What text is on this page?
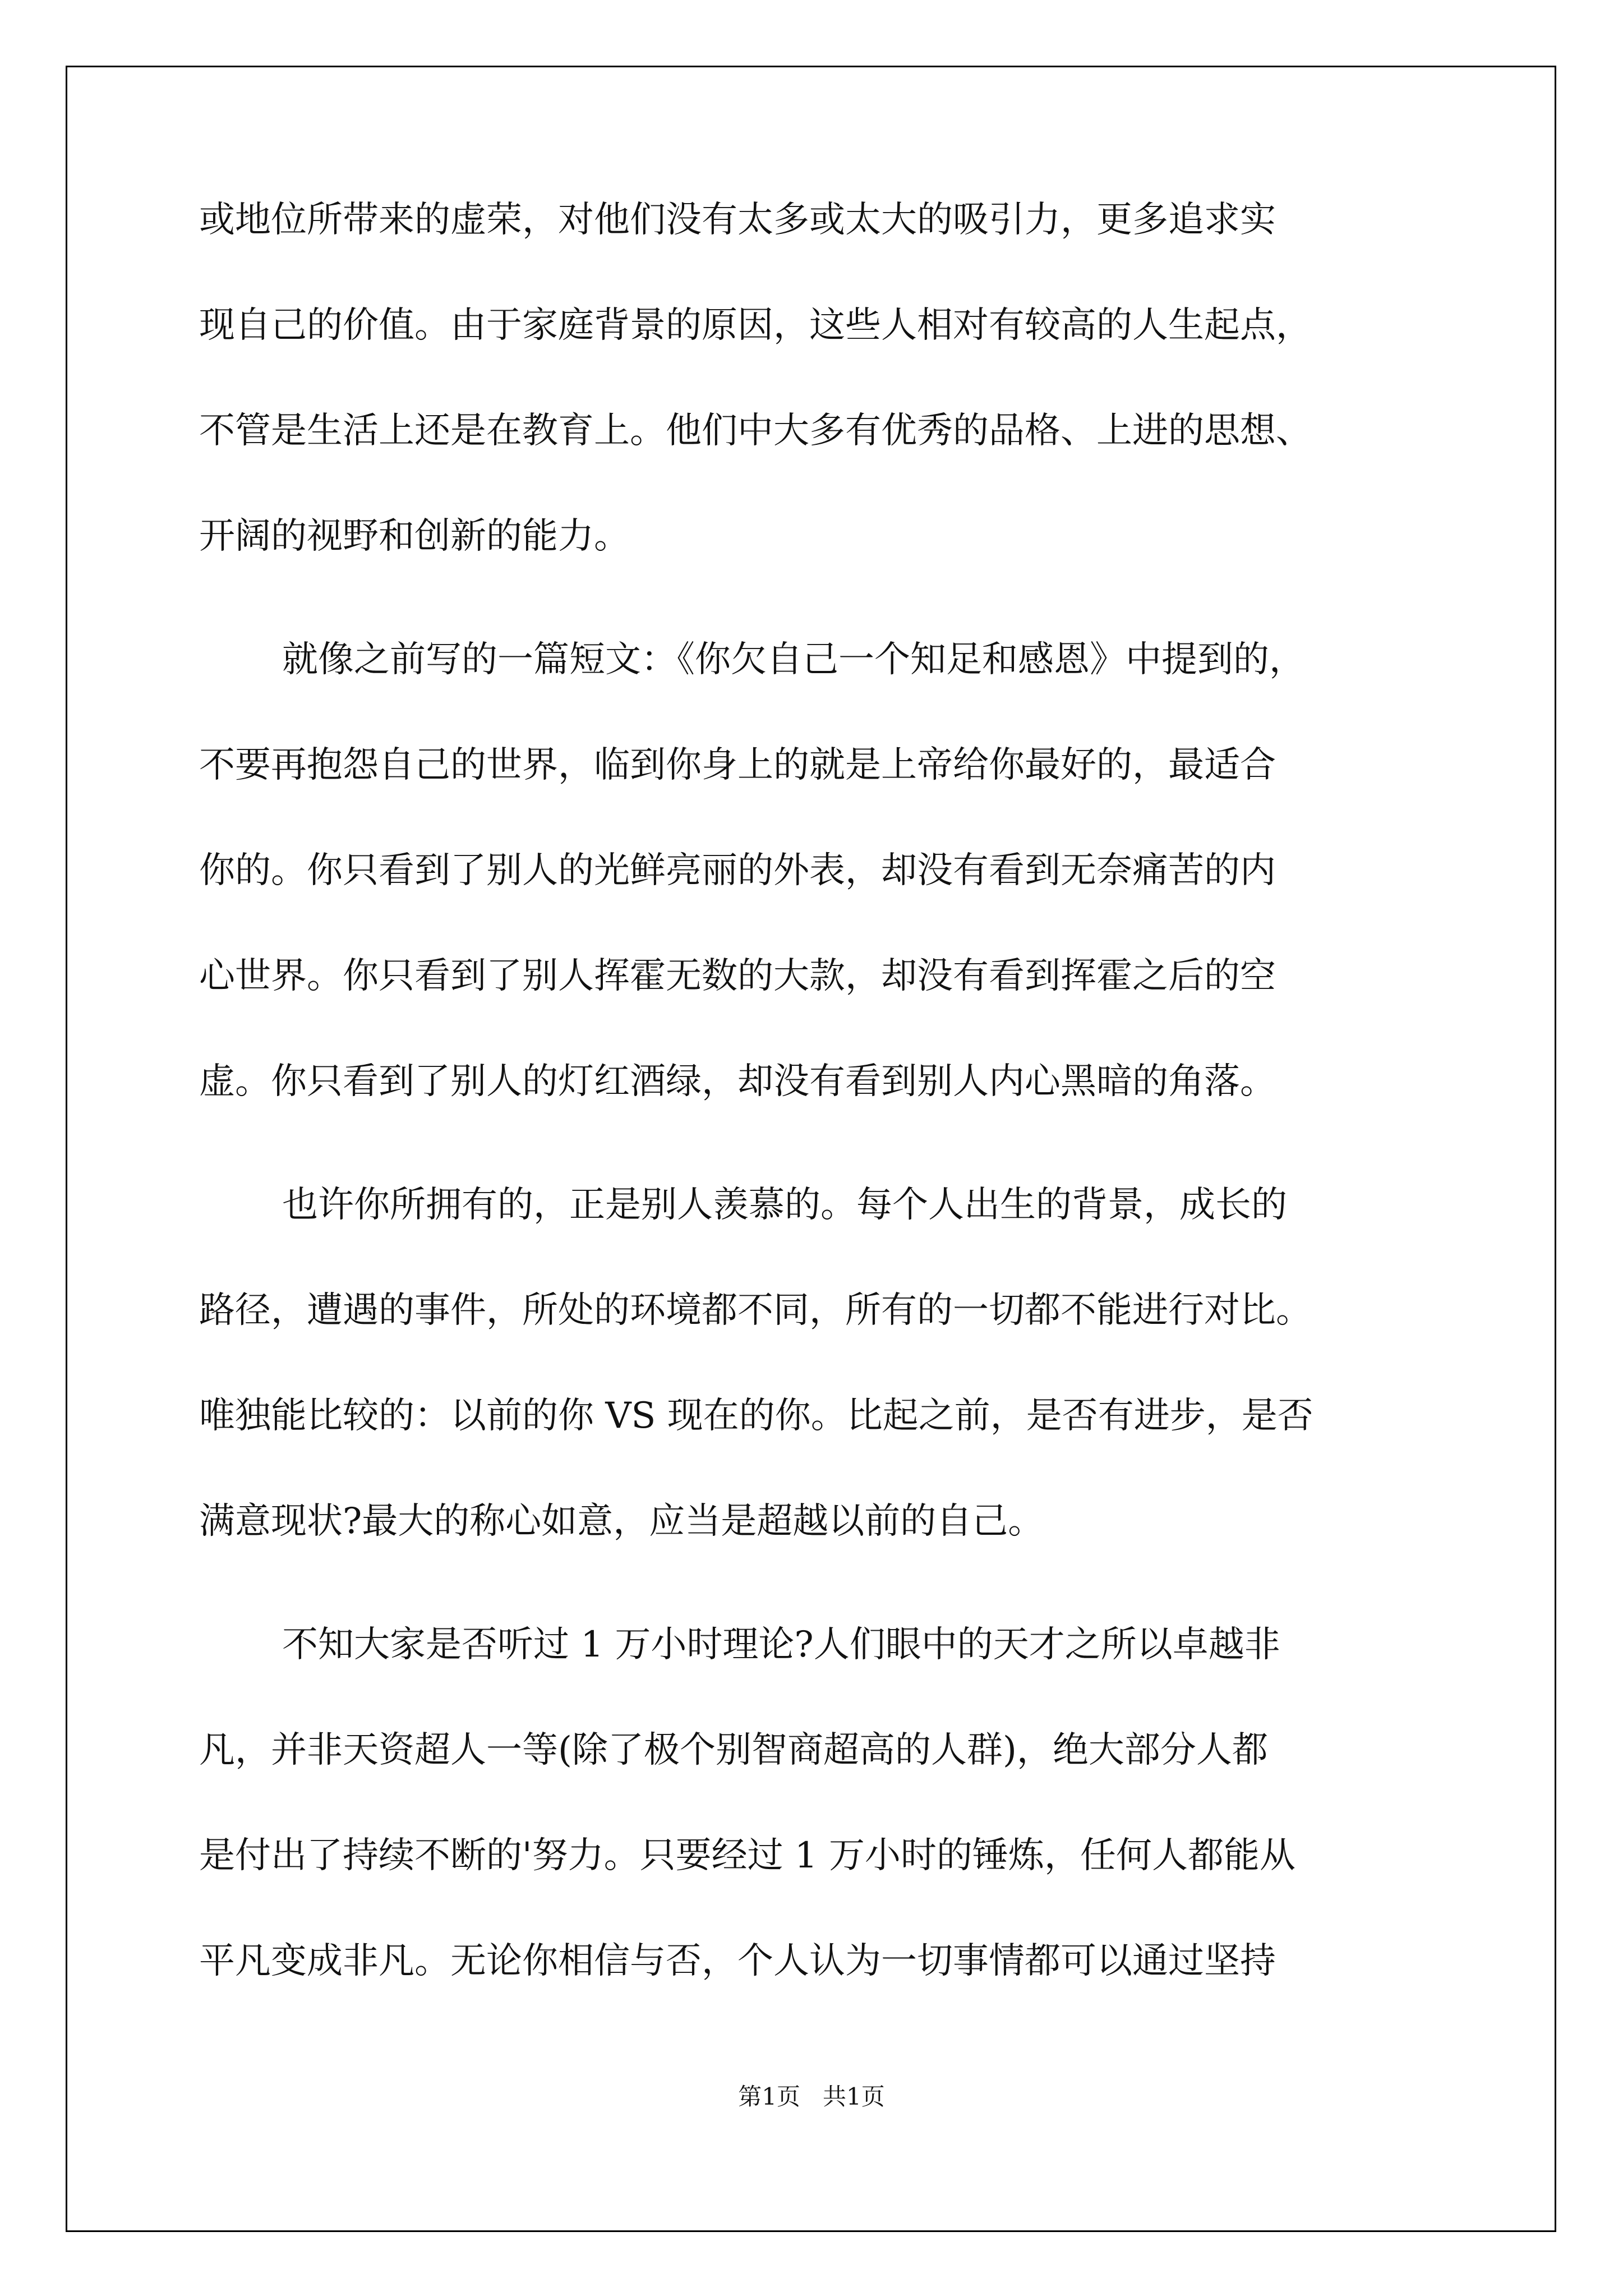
或地位所带来的虚荣，对他们没有太多或太大的吸引力，更多追求实
现自己的价值。由于家庭背景的原因，这些人相对有较高的人生起点，
不管是生活上还是在教育上。他们中大多有优秀的品格、上进的思想、
开阔的视野和创新的能力。
就像之前写的一篇短文：《你欠自己一个知足和感恩》中提到的，
不要再抱怨自己的世界，临到你身上的就是上帝给你最好的，最适合
你的。你只看到了别人的光鲜亮丽的外表，却没有看到无奈痛苦的内
心世界。你只看到了别人挥霍无数的大款，却没有看到挥霍之后的空
虚。你只看到了别人的灯红酒绿，却没有看到别人内心黑暗的角落。
也许你所拥有的，正是别人羡慕的。每个人出生的背景，成长的
路径，遭遇的事件，所处的环境都不同，所有的一切都不能进行对比。
唯独能比较的：以前的你 VS 现在的你。比起之前，是否有进步，是否
满意现状?最大的称心如意，应当是超越以前的自己。
不知大家是否听过 1 万小时理论?人们眼中的天才之所以卓越非
凡，并非天资超人一等(除了极个别智商超高的人群)，绝大部分人都
是付出了持续不断的'努力。只要经过 1 万小时的锤炼，任何人都能从
平凡变成非凡。无论你相信与否，个人认为一切事情都可以通过坚持
第1页   共1页
